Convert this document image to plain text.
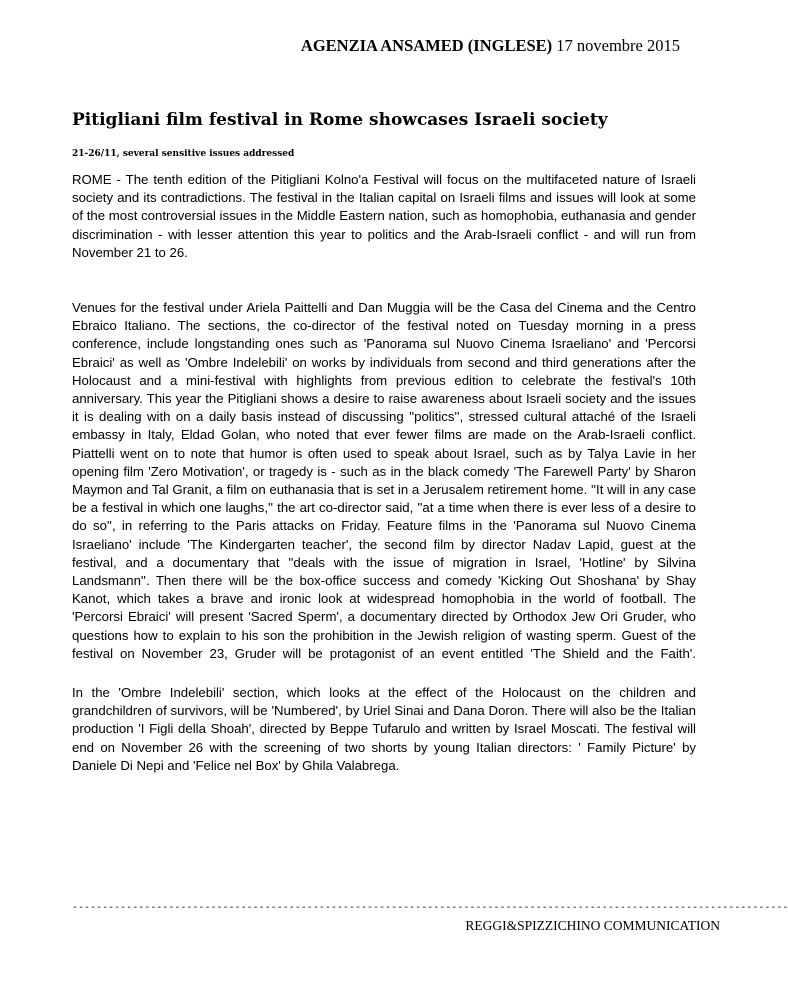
AGENZIA ANSAMED (INGLESE) 17 novembre 2015
Pitigliani film festival in Rome showcases Israeli society
21-26/11, several sensitive issues addressed

ROME - The tenth edition of the Pitigliani Kolno'a Festival will focus on the multifaceted nature of Israeli society and its contradictions. The festival in the Italian capital on Israeli films and issues will look at some of the most controversial issues in the Middle Eastern nation, such as homophobia, euthanasia and gender discrimination - with lesser attention this year to politics and the Arab-Israeli conflict - and will run from November 21 to 26.

Venues for the festival under Ariela Paittelli and Dan Muggia will be the Casa del Cinema and the Centro Ebraico Italiano. The sections, the co-director of the festival noted on Tuesday morning in a press conference, include longstanding ones such as 'Panorama sul Nuovo Cinema Israeliano' and 'Percorsi Ebraici' as well as 'Ombre Indelebili' on works by individuals from second and third generations after the Holocaust and a mini-festival with highlights from previous edition to celebrate the festival's 10th anniversary. This year the Pitigliani shows a desire to raise awareness about Israeli society and the issues it is dealing with on a daily basis instead of discussing ''politics'', stressed cultural attaché of the Israeli embassy in Italy, Eldad Golan, who noted that ever fewer films are made on the Arab-Israeli conflict. Piattelli went on to note that humor is often used to speak about Israel, such as by Talya Lavie in her opening film 'Zero Motivation', or tragedy is - such as in the black comedy 'The Farewell Party' by Sharon Maymon and Tal Granit, a film on euthanasia that is set in a Jerusalem retirement home. ''It will in any case be a festival in which one laughs,'' the art co-director said, ''at a time when there is ever less of a desire to do so'', in referring to the Paris attacks on Friday. Feature films in the 'Panorama sul Nuovo Cinema Israeliano' include 'The Kindergarten teacher', the second film by director Nadav Lapid, guest at the festival, and a documentary that ''deals with the issue of migration in Israel, 'Hotline' by Silvina Landsmann''. Then there will be the box-office success and comedy 'Kicking Out Shoshana' by Shay Kanot, which takes a brave and ironic look at widespread homophobia in the world of football. The 'Percorsi Ebraici' will present 'Sacred Sperm', a documentary directed by Orthodox Jew Ori Gruder, who questions how to explain to his son the prohibition in the Jewish religion of wasting sperm. Guest of the festival on November 23, Gruder will be protagonist of an event entitled 'The Shield and the Faith'.

In the 'Ombre Indelebili' section, which looks at the effect of the Holocaust on the children and grandchildren of survivors, will be 'Numbered', by Uriel Sinai and Dana Doron. There will also be the Italian production 'I Figli della Shoah', directed by Beppe Tufarulo and written by Israel Moscati. The festival will end on November 26 with the screening of two shorts by young Italian directors: ' Family Picture' by Daniele Di Nepi and 'Felice nel Box' by Ghila Valabrega.

-----------------------------------------------------------------------------------------------------------------------
REGGI&SPIZZICHINO COMMUNICATION
